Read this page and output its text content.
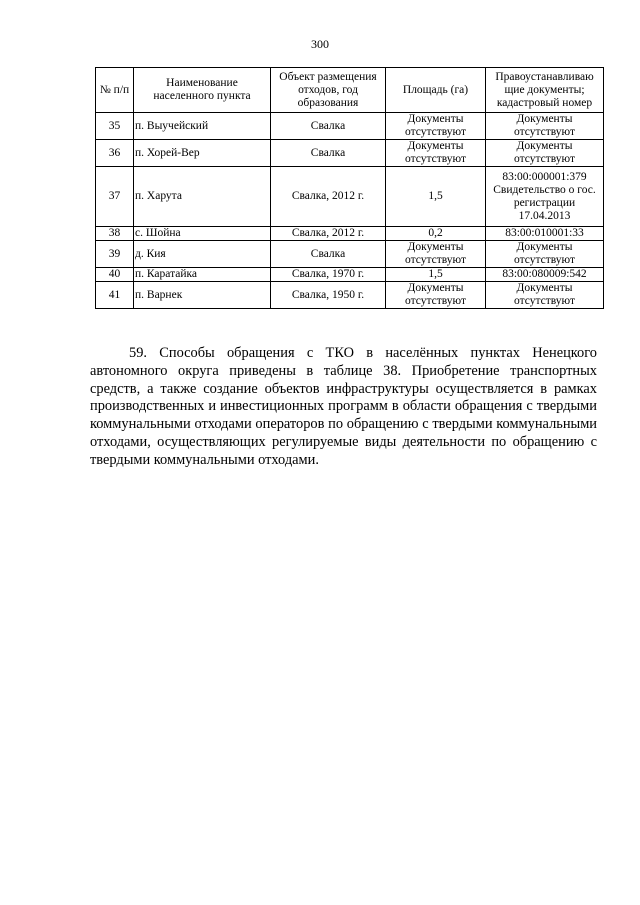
300
№ п/п	Наименование населенного пункта	Объект размещения отходов, год образования	Площадь (га)	Правоустанавливаю щие документы; кадастровый номер
35	п. Выучейский	Свалка	Документы отсутствуют	Документы отсутствуют
36	п. Хорей-Вер	Свалка	Документы отсутствуют	Документы отсутствуют
37	п. Харута	Свалка, 2012 г.	1,5	83:00:000001:379 Свидетельство о гос. регистрации 17.04.2013
38	с. Шойна	Свалка, 2012 г.	0,2	83:00:010001:33
39	д. Кия	Свалка	Документы отсутствуют	Документы отсутствуют
40	п. Каратайка	Свалка, 1970 г.	1,5	83:00:080009:542
41	п. Варнек	Свалка, 1950 г.	Документы отсутствуют	Документы отсутствуют
59. Способы обращения с ТКО в населённых пунктах Ненецкого автономного округа приведены в таблице 38. Приобретение транспортных средств, а также создание объектов инфраструктуры осуществляется в рамках производственных и инвестиционных программ в области обращения с твердыми коммунальными отходами операторов по обращению с твердыми коммунальными отходами, осуществляющих регулируемые виды деятельности по обращению с твердыми коммунальными отходами.
